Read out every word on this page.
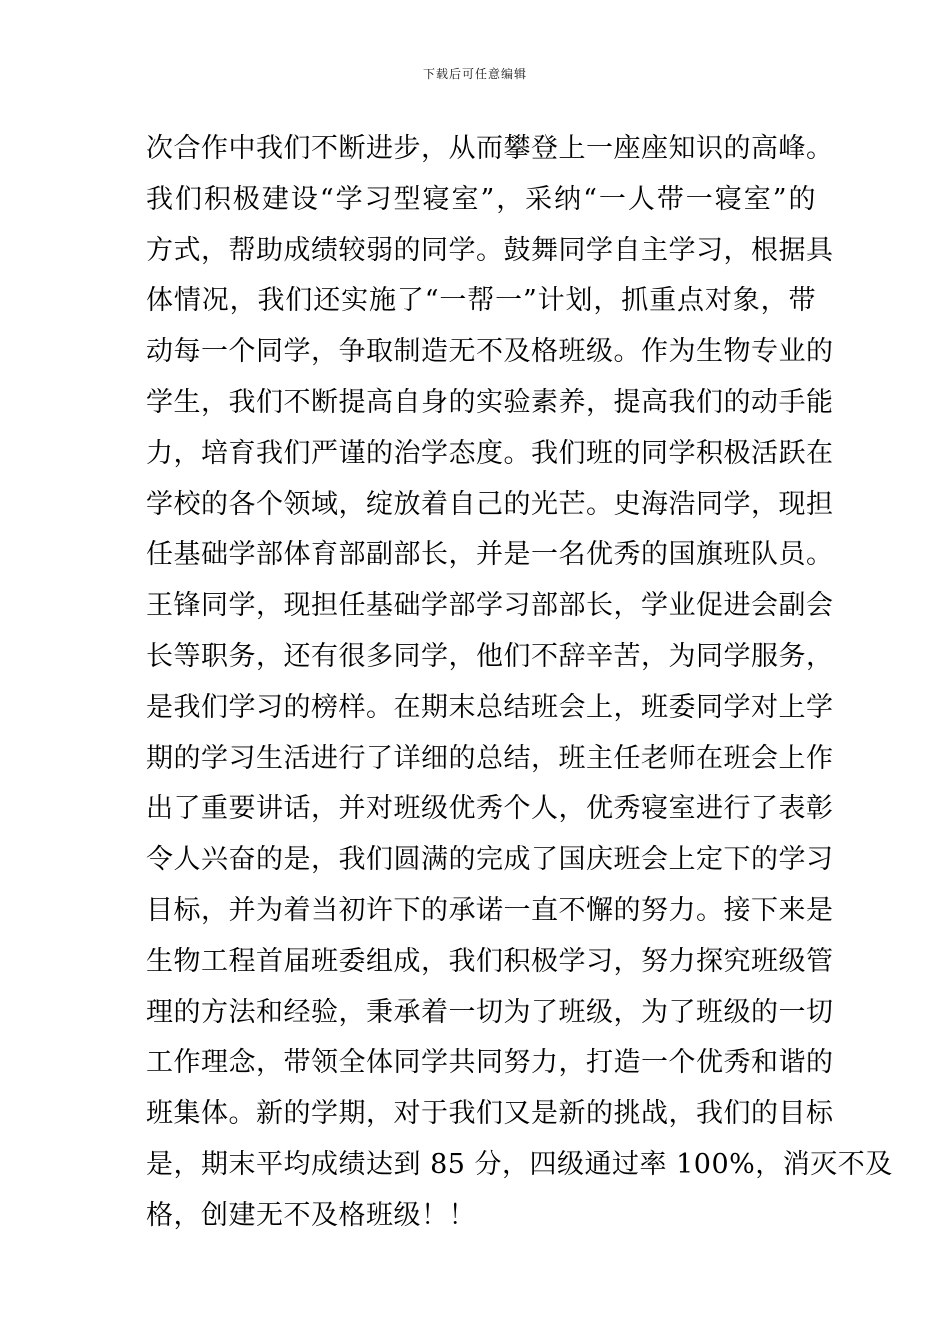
下载后可任意编辑
次合作中我们不断进步，从而攀登上一座座知识的高峰。
我们积极建设“学习型寝室”，采纳“一人带一寝室”的
方式，帮助成绩较弱的同学。鼓舞同学自主学习，根据具
体情况，我们还实施了“一帮一”计划，抓重点对象，带
动每一个同学，争取制造无不及格班级。作为生物专业的
学生，我们不断提高自身的实验素养，提高我们的动手能
力，培育我们严谨的治学态度。我们班的同学积极活跃在
学校的各个领域，绽放着自己的光芒。史海浩同学，现担
任基础学部体育部副部长，并是一名优秀的国旗班队员。
王锋同学，现担任基础学部学习部部长，学业促进会副会
长等职务，还有很多同学，他们不辞辛苦，为同学服务，
是我们学习的榜样。在期末总结班会上，班委同学对上学
期的学习生活进行了详细的总结，班主任老师在班会上作
出了重要讲话，并对班级优秀个人，优秀寝室进行了表彰
令人兴奋的是，我们圆满的完成了国庆班会上定下的学习
目标，并为着当初许下的承诺一直不懈的努力。接下来是
生物工程首届班委组成，我们积极学习，努力探究班级管
理的方法和经验，秉承着一切为了班级，为了班级的一切
工作理念，带领全体同学共同努力，打造一个优秀和谐的
班集体。新的学期，对于我们又是新的挑战，我们的目标
是，期末平均成绩达到 85 分，四级通过率 100%，消灭不及
格，创建无不及格班级！！
